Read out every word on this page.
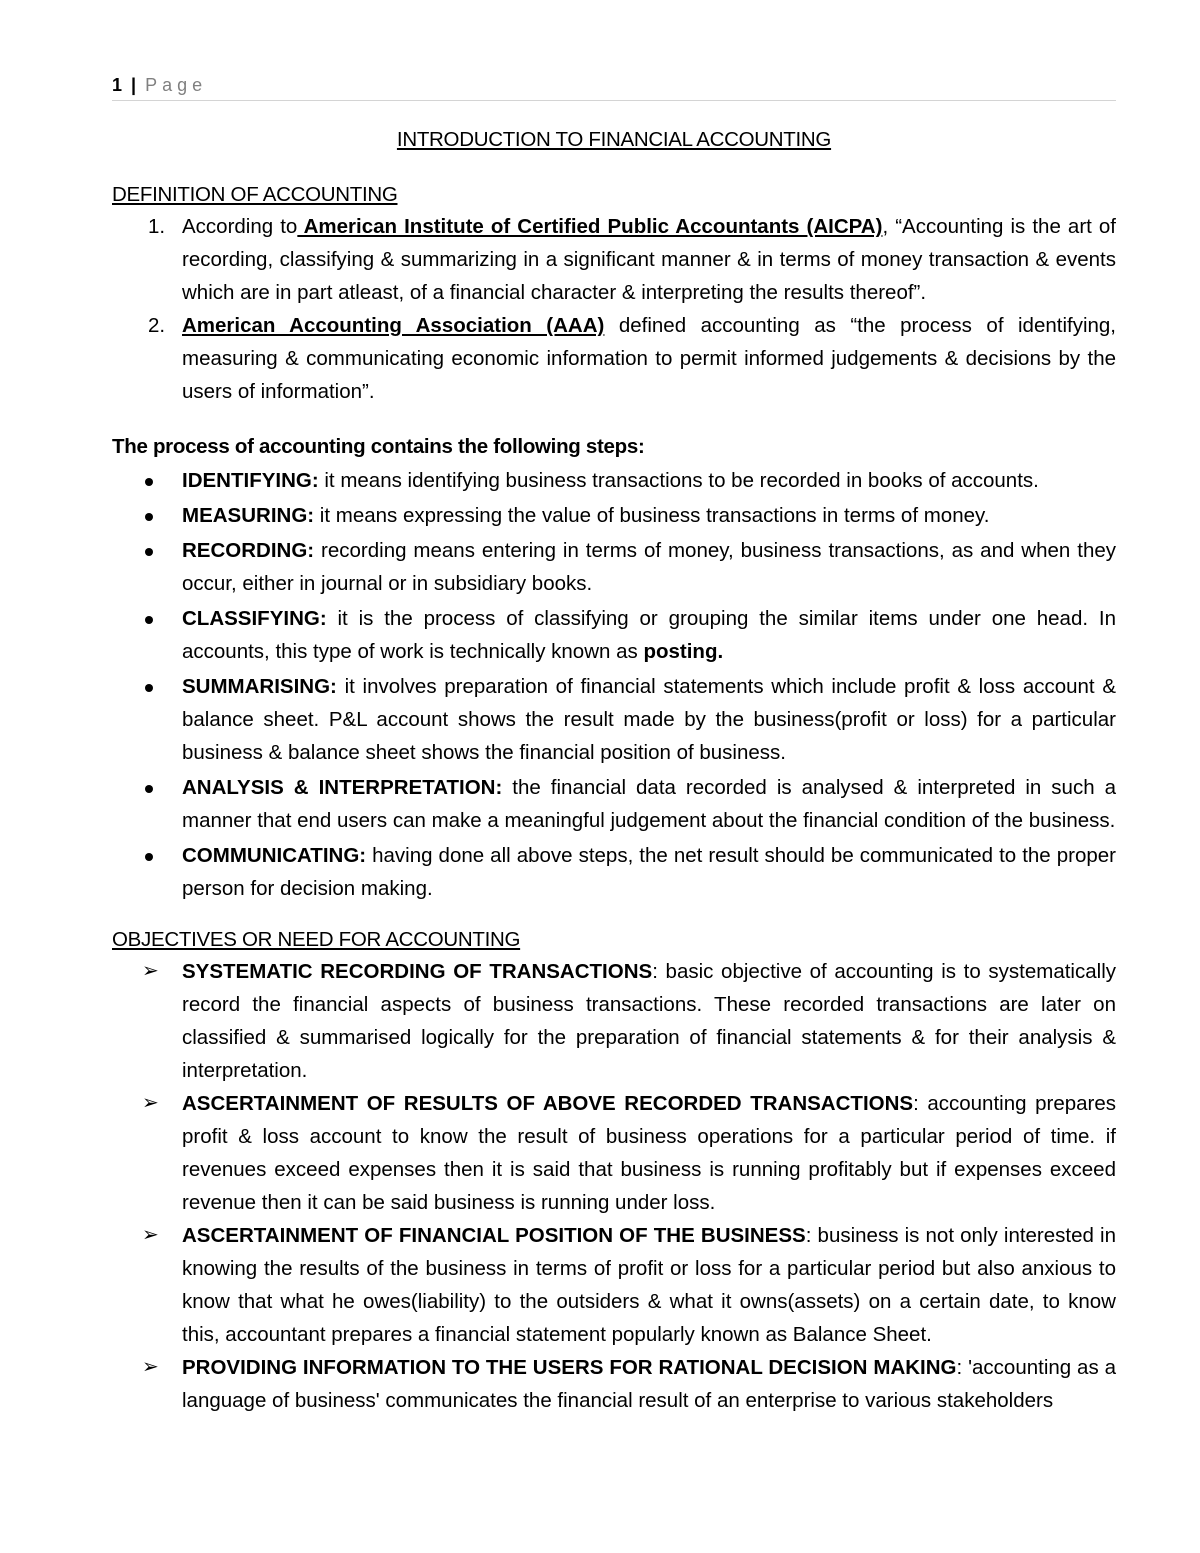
1 | Page
INTRODUCTION TO FINANCIAL ACCOUNTING
DEFINITION OF ACCOUNTING
1. According to American Institute of Certified Public Accountants (AICPA), “Accounting is the art of recording, classifying & summarizing in a significant manner & in terms of money transaction & events which are in part atleast, of a financial character & interpreting the results thereof”.
2. American Accounting Association (AAA) defined accounting as “the process of identifying, measuring & communicating economic information to permit informed judgements & decisions by the users of information”.
The process of accounting contains the following steps:
IDENTIFYING: it means identifying business transactions to be recorded in books of accounts.
MEASURING: it means expressing the value of business transactions in terms of money.
RECORDING: recording means entering in terms of money, business transactions, as and when they occur, either in journal or in subsidiary books.
CLASSIFYING: it is the process of classifying or grouping the similar items under one head. In accounts, this type of work is technically known as posting.
SUMMARISING: it involves preparation of financial statements which include profit & loss account & balance sheet. P&L account shows the result made by the business(profit or loss) for a particular business & balance sheet shows the financial position of business.
ANALYSIS & INTERPRETATION: the financial data recorded is analysed & interpreted in such a manner that end users can make a meaningful judgement about the financial condition of the business.
COMMUNICATING: having done all above steps, the net result should be communicated to the proper person for decision making.
OBJECTIVES OR NEED FOR ACCOUNTING
➢ SYSTEMATIC RECORDING OF TRANSACTIONS: basic objective of accounting is to systematically record the financial aspects of business transactions. These recorded transactions are later on classified & summarised logically for the preparation of financial statements & for their analysis & interpretation.
➢ ASCERTAINMENT OF RESULTS OF ABOVE RECORDED TRANSACTIONS: accounting prepares profit & loss account to know the result of business operations for a particular period of time. if revenues exceed expenses then it is said that business is running profitably but if expenses exceed revenue then it can be said business is running under loss.
➢ ASCERTAINMENT OF FINANCIAL POSITION OF THE BUSINESS: business is not only interested in knowing the results of the business in terms of profit or loss for a particular period but also anxious to know that what he owes(liability) to the outsiders & what it owns(assets) on a certain date, to know this, accountant prepares a financial statement popularly known as Balance Sheet.
➢ PROVIDING INFORMATION TO THE USERS FOR RATIONAL DECISION MAKING: 'accounting as a language of business' communicates the financial result of an enterprise to various stakeholders
